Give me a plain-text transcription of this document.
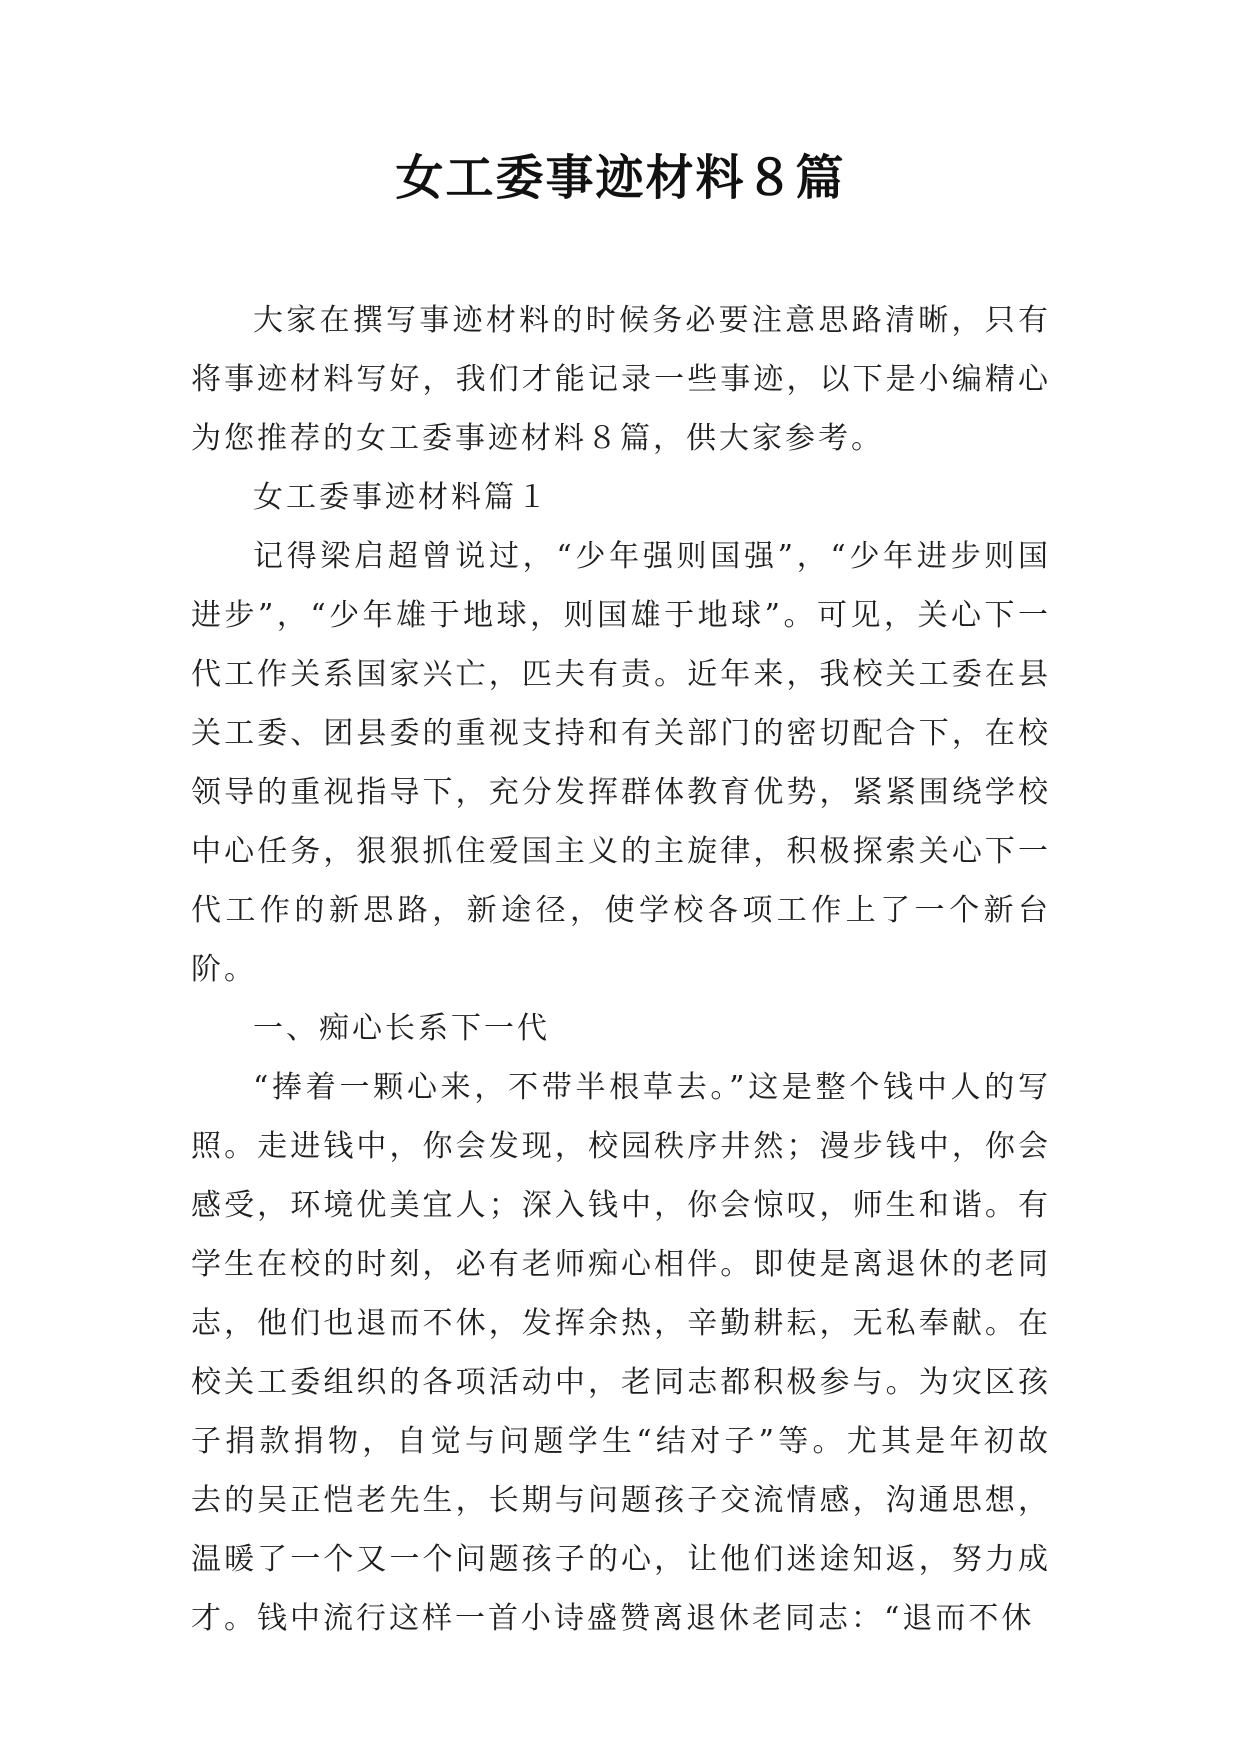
女工委事迹材料８篇

大家在撰写事迹材料的时候务必要注意思路清晰，只有将事迹材料写好，我们才能记录一些事迹，以下是小编精心为您推荐的女工委事迹材料８篇，供大家参考。

女工委事迹材料篇１

记得梁启超曾说过，“少年强则国强”，“少年进步则国进步”，“少年雄于地球，则国雄于地球”。可见，关心下一代工作关系国家兴亡，匹夫有责。近年来，我校关工委在县关工委、团县委的重视支持和有关部门的密切配合下，在校领导的重视指导下，充分发挥群体教育优势，紧紧围绕学校中心任务，狠狠抓住爱国主义的主旋律，积极探索关心下一代工作的新思路，新途径，使学校各项工作上了一个新台阶。

一、痴心长系下一代

“捧着一颗心来，不带半根草去。”这是整个钱中人的写照。走进钱中，你会发现，校园秩序井然；漫步钱中，你会感受，环境优美宜人；深入钱中，你会惊叹，师生和谐。有学生在校的时刻，必有老师痴心相伴。即使是离退休的老同志，他们也退而不休，发挥余热，辛勤耕耘，无私奉献。在校关工委组织的各项活动中，老同志都积极参与。为灾区孩子捐款捐物，自觉与问题学生“结对子”等。尤其是年初故去的吴正恺老先生，长期与问题孩子交流情感，沟通思想，温暖了一个又一个问题孩子的心，让他们迷途知返，努力成才。钱中流行这样一首小诗盛赞离退休老同志：“退而不休
